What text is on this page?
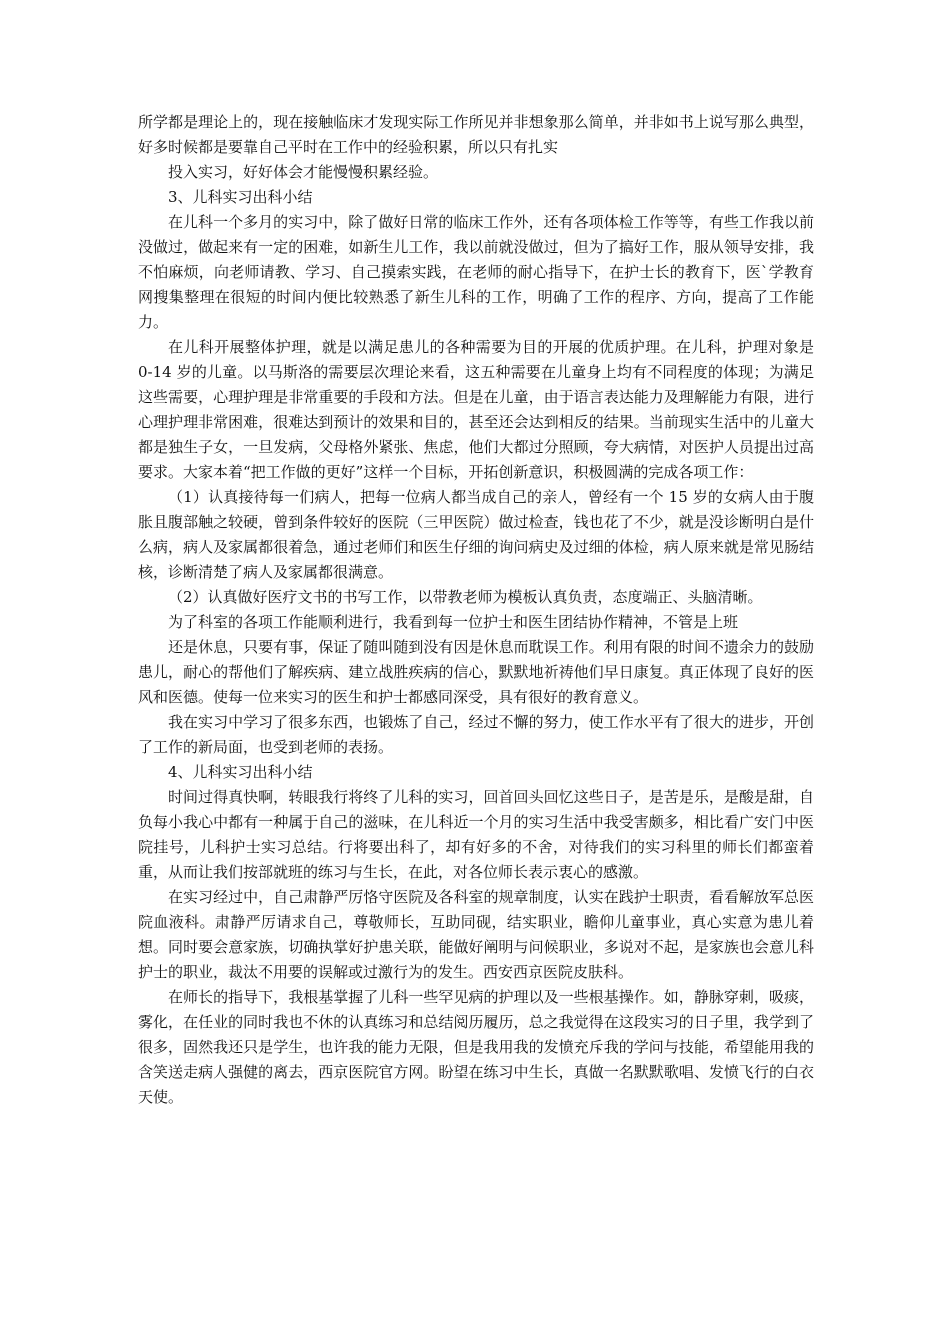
所学都是理论上的，现在接触临床才发现实际工作所见并非想象那么简单，并非如书上说写那么典型，好多时候都是要靠自己平时在工作中的经验积累，所以只有扎实

投入实习，好好体会才能慢慢积累经验。

3、儿科实习出科小结

在儿科一个多月的实习中，除了做好日常的临床工作外，还有各项体检工作等等，有些工作我以前没做过，做起来有一定的困难，如新生儿工作，我以前就没做过，但为了搞好工作，服从领导安排，我不怕麻烦，向老师请教、学习、自己摸索实践，在老师的耐心指导下，在护士长的教育下，医`学教育网搜集整理在很短的时间内便比较熟悉了新生儿科的工作，明确了工作的程序、方向，提高了工作能力。

在儿科开展整体护理，就是以满足患儿的各种需要为目的开展的优质护理。在儿科，护理对象是 0-14 岁的儿童。以马斯洛的需要层次理论来看，这五种需要在儿童身上均有不同程度的体现；为满足这些需要，心理护理是非常重要的手段和方法。但是在儿童，由于语言表达能力及理解能力有限，进行心理护理非常困难，很难达到预计的效果和目的，甚至还会达到相反的结果。当前现实生活中的儿童大都是独生子女，一旦发病，父母格外紧张、焦虑，他们大都过分照顾，夸大病情，对医护人员提出过高要求。大家本着“把工作做的更好”这样一个目标，开拓创新意识，积极圆满的完成各项工作：

（1）认真接待每一们病人，把每一位病人都当成自己的亲人，曾经有一个 15 岁的女病人由于腹胀且腹部触之较硬，曾到条件较好的医院（三甲医院）做过检查，钱也花了不少，就是没诊断明白是什么病，病人及家属都很着急，通过老师们和医生仔细的询问病史及过细的体检，病人原来就是常见肠结核，诊断清楚了病人及家属都很满意。

（2）认真做好医疗文书的书写工作，以带教老师为模板认真负责，态度端正、头脑清晰。

为了科室的各项工作能顺利进行，我看到每一位护士和医生团结协作精神，不管是上班

还是休息，只要有事，保证了随叫随到没有因是休息而耽误工作。利用有限的时间不遗余力的鼓励患儿，耐心的帮他们了解疾病、建立战胜疾病的信心，默默地祈祷他们早日康复。真正体现了良好的医风和医德。使每一位来实习的医生和护士都感同深受，具有很好的教育意义。

我在实习中学习了很多东西，也锻炼了自己，经过不懈的努力，使工作水平有了很大的进步，开创了工作的新局面，也受到老师的表扬。

4、儿科实习出科小结

时间过得真快啊，转眼我行将终了儿科的实习，回首回头回忆这些日子，是苦是乐，是酸是甜，自负每小我心中都有一种属于自己的滋味，在儿科近一个月的实习生活中我受害颇多，相比看广安门中医院挂号，儿科护士实习总结。行将要出科了，却有好多的不舍，对待我们的实习科里的师长们都蛮着重，从而让我们按部就班的练习与生长，在此，对各位师长表示衷心的感激。

在实习经过中，自己肃静严厉恪守医院及各科室的规章制度，认实在践护士职责，看看解放军总医院血液科。肃静严厉请求自己，尊敬师长，互助同砚，结实职业，瞻仰儿童事业，真心实意为患儿着想。同时要会意家族，切确执掌好护患关联，能做好阐明与问候职业，多说对不起，是家族也会意儿科护士的职业，裁汰不用要的误解或过激行为的发生。西安西京医院皮肤科。

在师长的指导下，我根基掌握了儿科一些罕见病的护理以及一些根基操作。如，静脉穿刺，吸痰，雾化，在任业的同时我也不休的认真练习和总结阅历履历，总之我觉得在这段实习的日子里，我学到了很多，固然我还只是学生，也许我的能力无限，但是我用我的发愤充斥我的学问与技能，希望能用我的含笑送走病人强健的离去，西京医院官方网。盼望在练习中生长，真做一名默默歌唱、发愤飞行的白衣天使。
